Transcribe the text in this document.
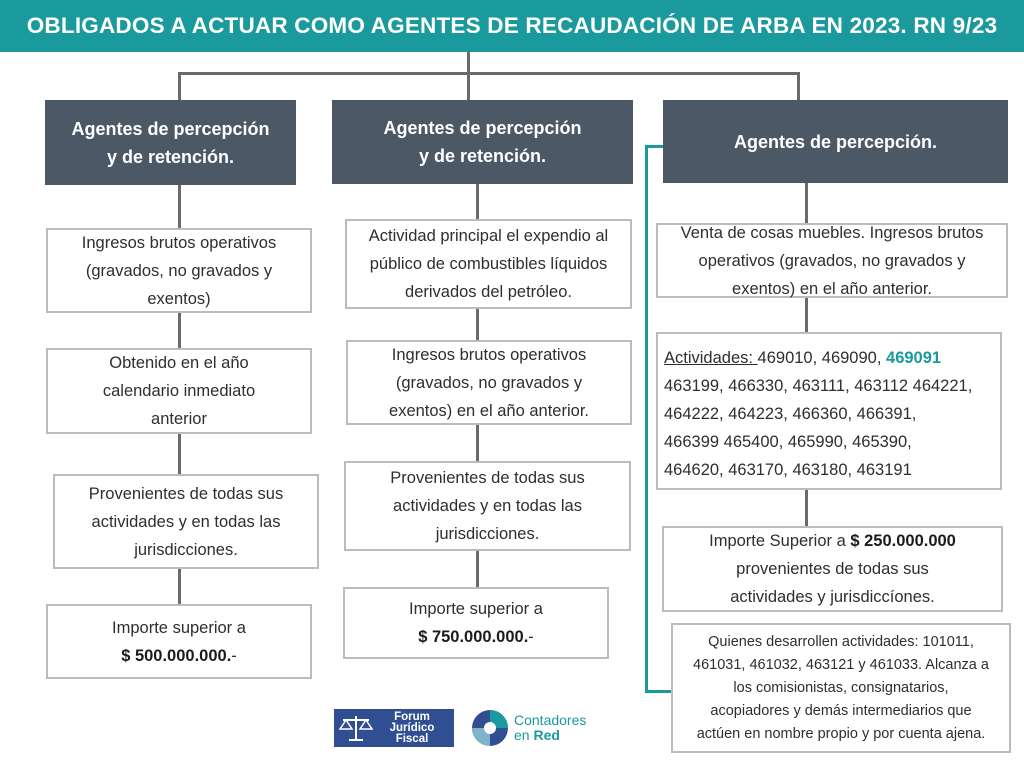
OBLIGADOS A ACTUAR COMO AGENTES DE RECAUDACIÓN DE ARBA EN 2023. RN 9/23
Agentes de percepción
y de retención.
Ingresos brutos operativos
(gravados, no gravados y
exentos)
Obtenido en el año
calendario inmediato
anterior
Provenientes de todas sus
actividades y en todas las
jurisdicciones.
Importe superior a
$ 500.000.000.-
Agentes de percepción
y de retención.
Actividad principal el expendio al
público de combustibles líquidos
derivados del petróleo.
Ingresos brutos operativos
(gravados, no gravados y
exentos) en el año anterior.
Provenientes de todas sus
actividades y en todas las
jurisdicciones.
Importe superior a
$ 750.000.000.-
Agentes de percepción.
Venta de cosas muebles. Ingresos brutos
operativos (gravados, no gravados y
exentos) en el año anterior.
Actividades: 469010, 469090, 469091
463199, 466330, 463111, 463112 464221,
464222, 464223, 466360, 466391,
466399 465400, 465990, 465390,
464620, 463170, 463180, 463191
Importe Superior a $ 250.000.000
provenientes de todas sus
actividades y jurisdiccíones.
Quienes desarrollen actividades: 101011,
461031, 461032, 463121 y 461033. Alcanza a
los comisionistas, consignatarios,
acopiadores y demás intermediarios que
actúen en nombre propio y por cuenta ajena.
Forum
Jurídico
Fiscal
Contadores
en Red
